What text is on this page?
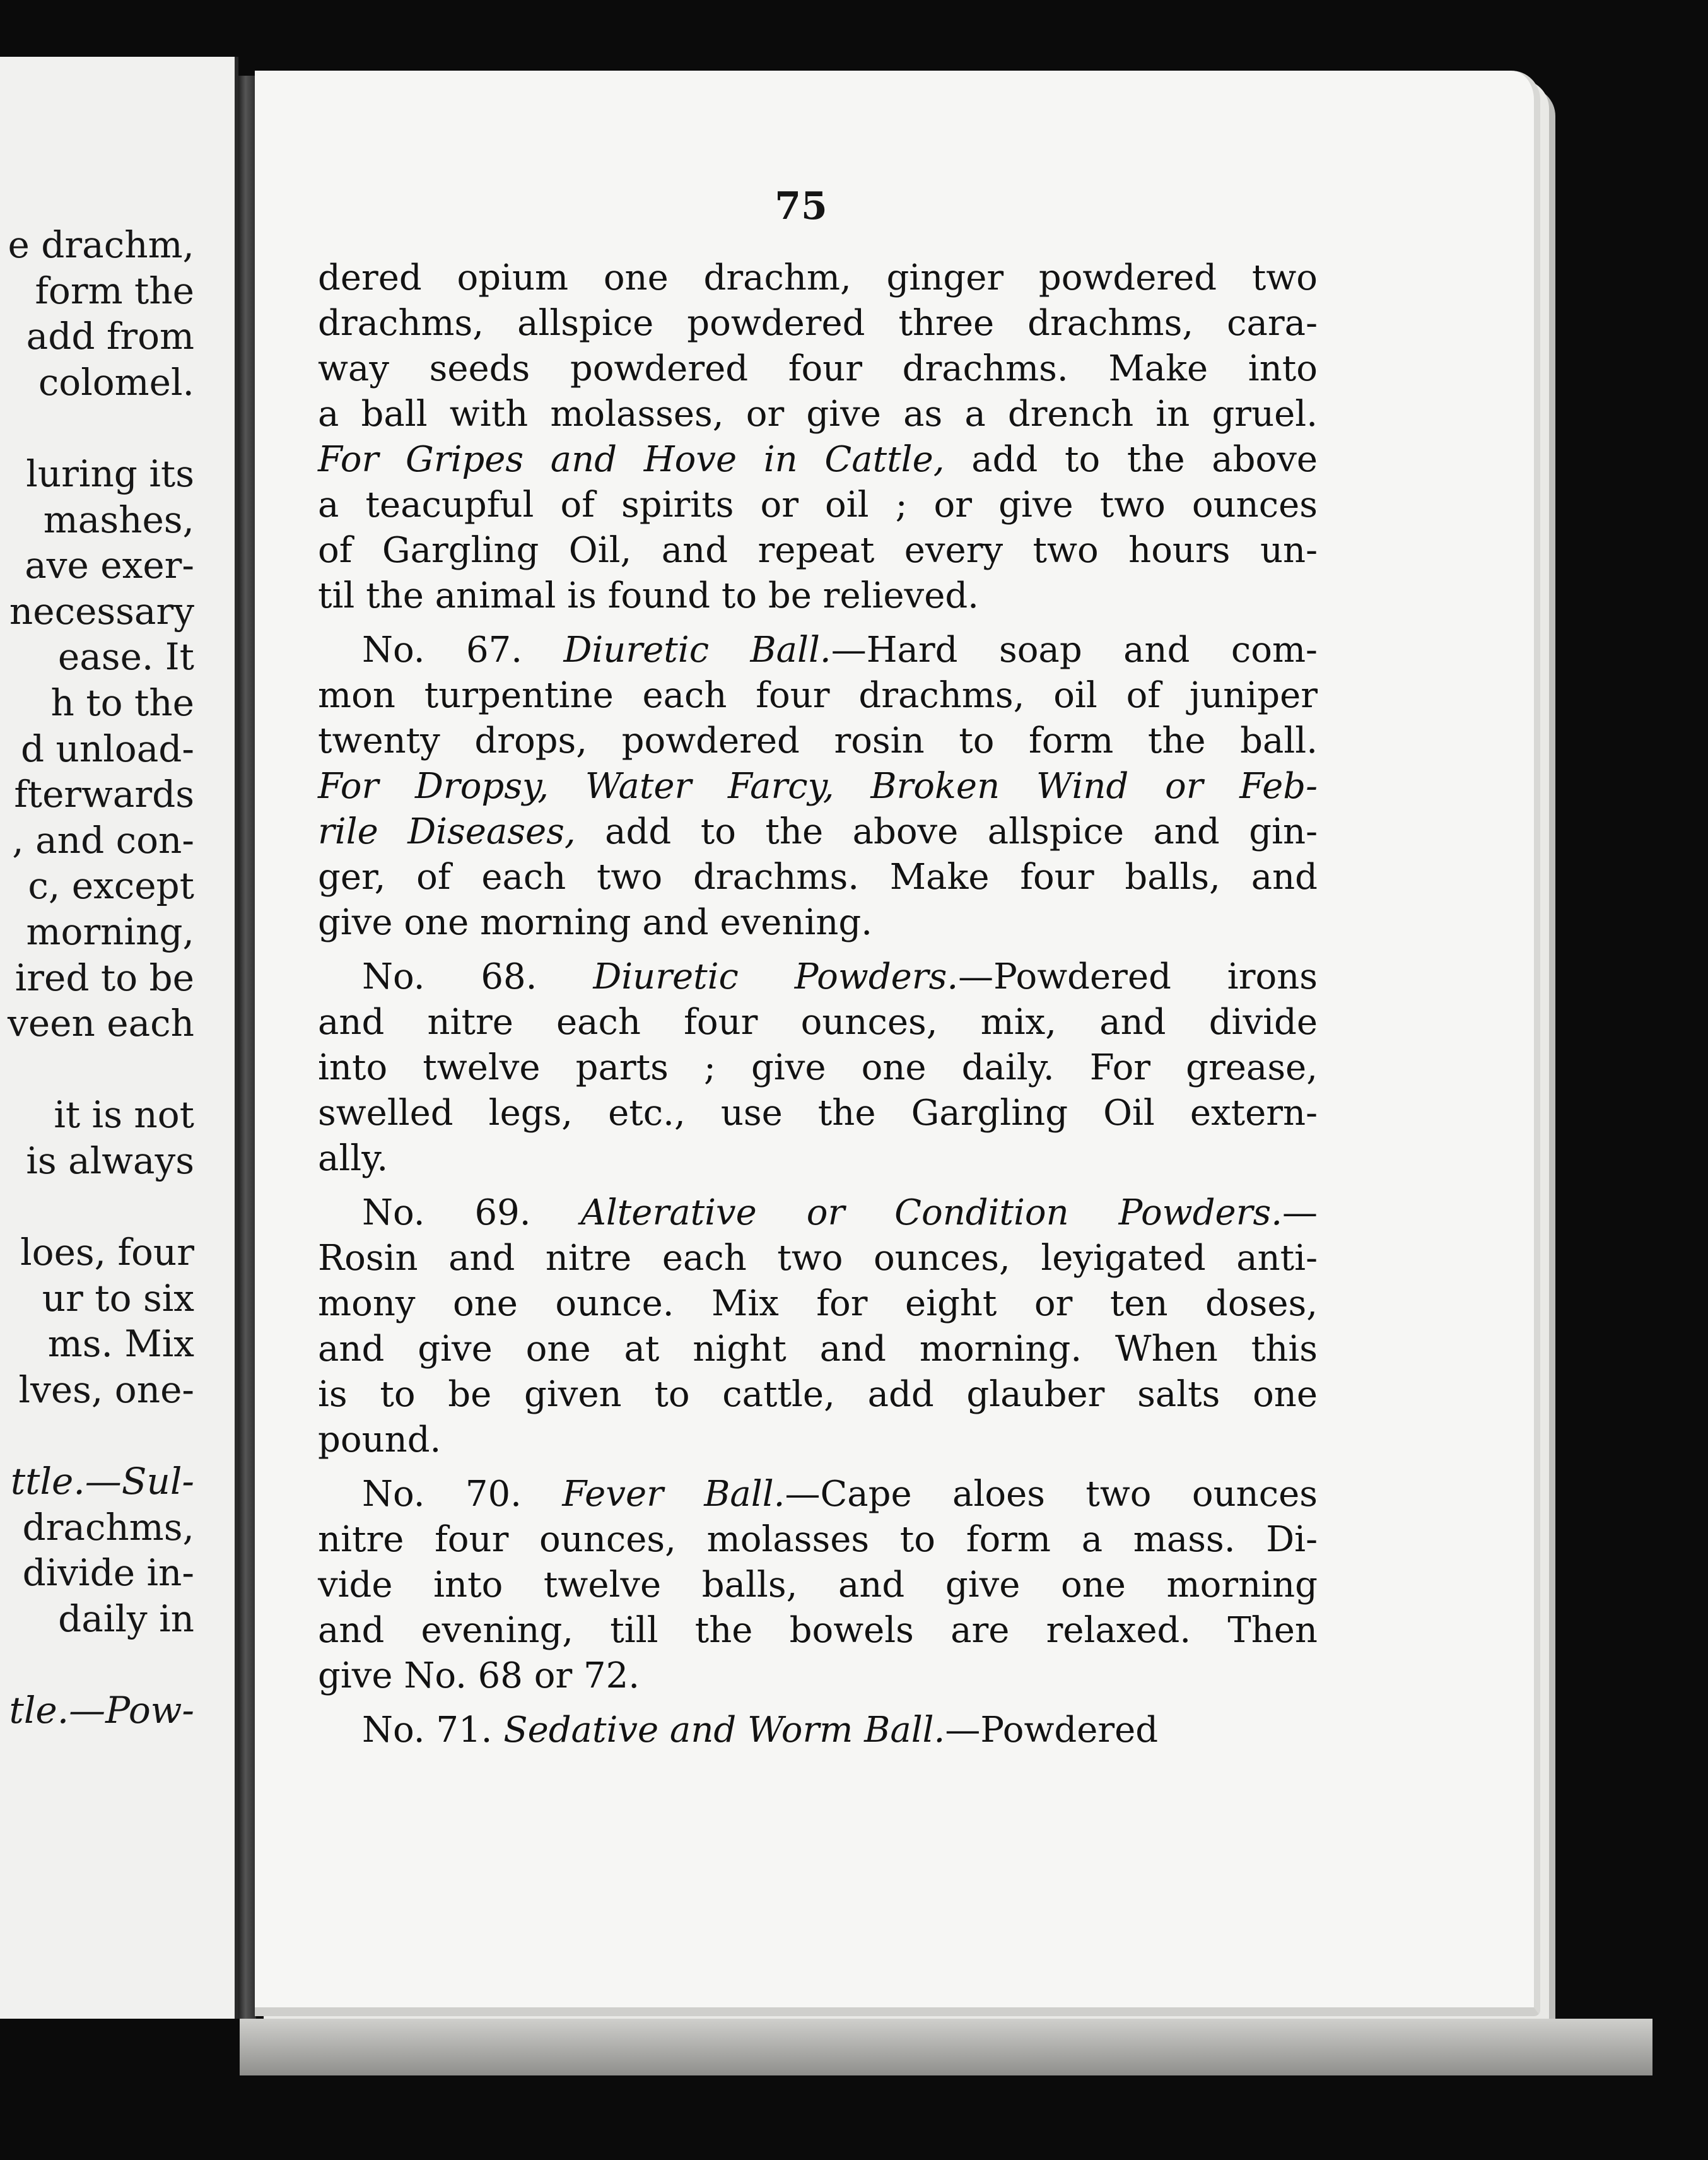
e drachm,
form the
add from
colomel.
luring its
mashes,
ave exer-
necessary
ease. It
h to the
d unload-
fterwards
, and con-
c, except
morning,
ired to be
veen each
it is not
is always
loes, four
ur to six
ms. Mix
lves, one-
ttle.—Sul-
drachms,
divide in-
daily in
tle.—Pow-
75
dered opium one drachm, ginger powdered two
drachms, allspice powdered three drachms, cara-
way seeds powdered four drachms. Make into
a ball with molasses, or give as a drench in gruel.
For Gripes and Hove in Cattle, add to the above
a teacupful of spirits or oil ; or give two ounces
of Gargling Oil, and repeat every two hours un-
til the animal is found to be relieved.
No. 67. Diuretic Ball.—Hard soap and com-
mon turpentine each four drachms, oil of juniper
twenty drops, powdered rosin to form the ball.
For Dropsy, Water Farcy, Broken Wind or Feb-
rile Diseases, add to the above allspice and gin-
ger, of each two drachms. Make four balls, and
give one morning and evening.
No. 68. Diuretic Powders.—Powdered irons
and nitre each four ounces, mix, and divide
into twelve parts ; give one daily. For grease,
swelled legs, etc., use the Gargling Oil extern-
ally.
No. 69. Alterative or Condition Powders.—
Rosin and nitre each two ounces, leyigated anti-
mony one ounce. Mix for eight or ten doses,
and give one at night and morning. When this
is to be given to cattle, add glauber salts one
pound.
No. 70. Fever Ball.—Cape aloes two ounces
nitre four ounces, molasses to form a mass. Di-
vide into twelve balls, and give one morning
and evening, till the bowels are relaxed. Then
give No. 68 or 72.
No. 71. Sedative and Worm Ball.—Powdered
